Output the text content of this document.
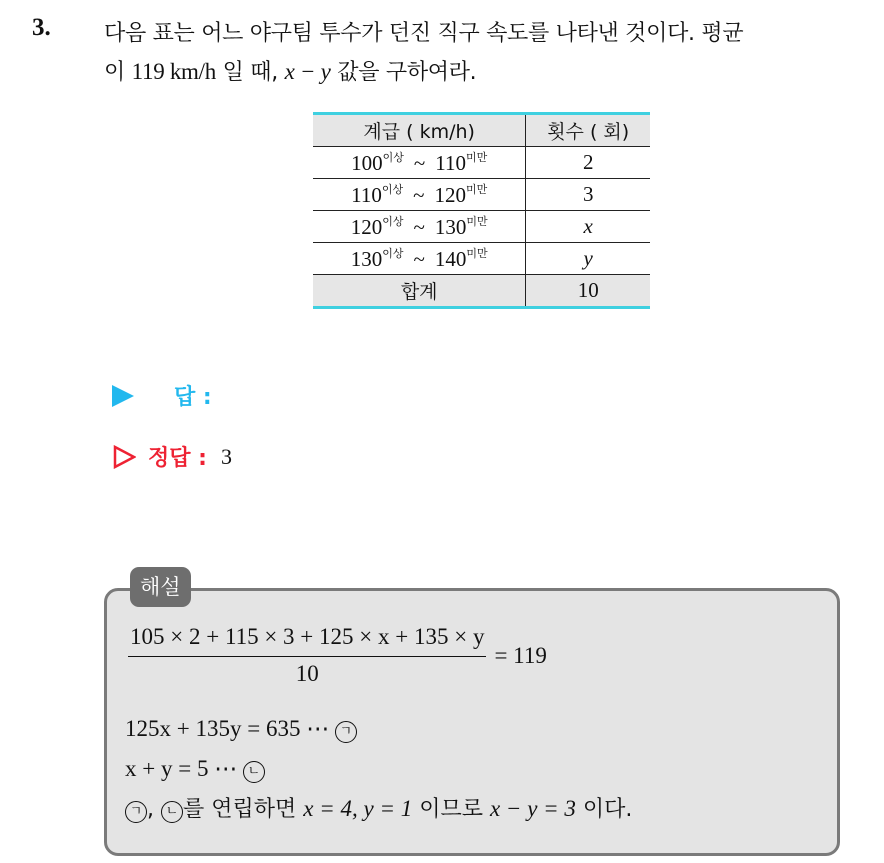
3. 다음 표는 어느 야구팀 투수가 던진 직구 속도를 나타낸 것이다. 평균
이 119 km/h 일 때, x − y 값을 구하여라.
계급 ( km/h)	횟수 ( 회)
$100^{이상}$ ~ $110^{미만}$	2
$110^{이상}$ ~ $120^{미만}$	3
$120^{이상}$ ~ $130^{미만}$	x
$130^{이상}$ ~ $140^{미만}$	y
합계	10
답 :
정답 : 3
해설
$\frac{105 \times 2 + 115 \times 3 + 125 \times x + 135 \times y}{10} = 119$
125x + 135y = 635 ⋯ ㄱ
x + y = 5 ⋯ ㄴ
ㄱ , ㄴ 를 연립하면 x = 4, y = 1 이므로 x − y = 3 이다.
